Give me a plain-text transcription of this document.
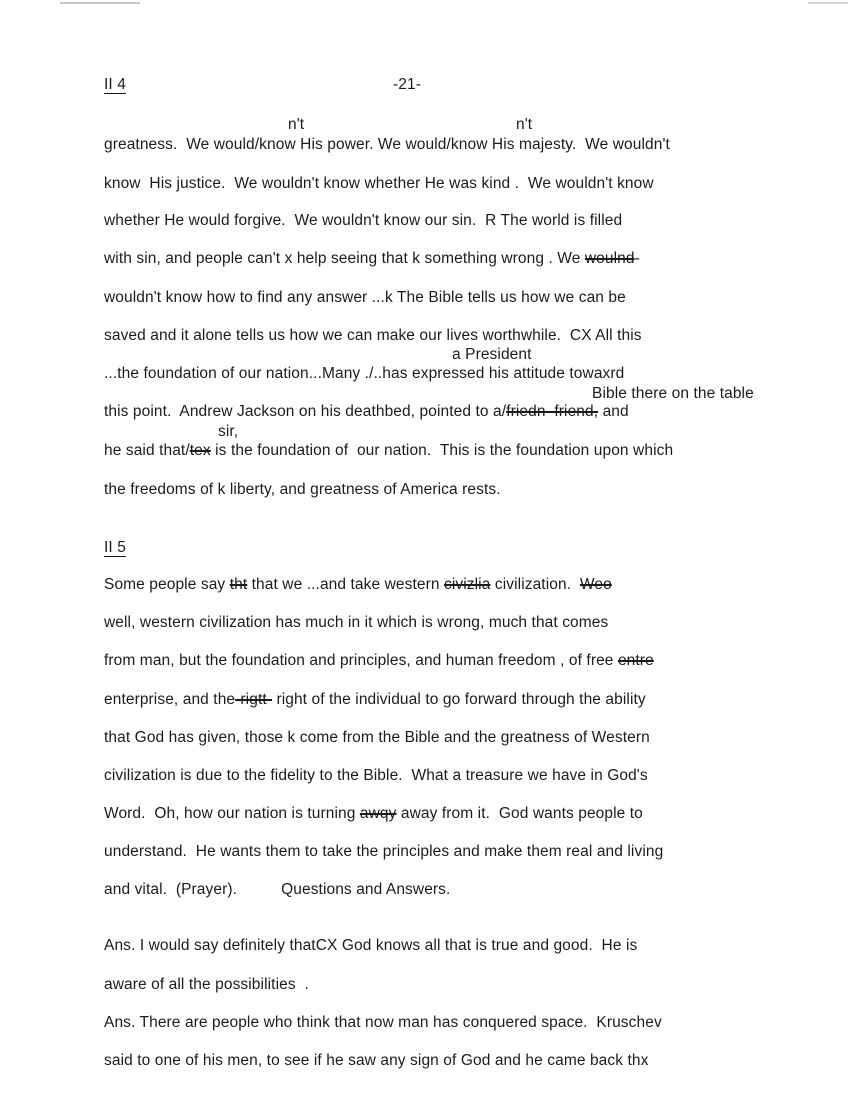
II 4	-21-
II 5
n't	n't
greatness.  We would/know His power. We would/know His majesty.  We wouldn't
know  His justice.  We wouldn't know whether He was kind .  We wouldn't know
whether He would forgive.  We wouldn't know our sin.  R The world is filled
with sin, and people can't x help seeing that k something wrong . We woulnd-
wouldn't know how to find any answer ...k The Bible tells us how we can be
saved and it alone tells us how we can make our lives worthwhile.  CX All this
a President
...the foundation of our nation...Many ./..has expressed his attitude towaxrd
Bible there on the table
this point.  Andrew Jackson on his deathbed, pointed to a/friedn  friend, and
sir,
he said that/tex is the foundation of  our nation.  This is the foundation upon which
the freedoms of k liberty, and greatness of America rests.
Some people say tht that we ...and take western civizlia civilization.  Weo
well, western civilization has much in it which is wrong, much that comes
from man, but the foundation and principles, and human freedom , of free entre
enterprise, and the-rigtt- right of the individual to go forward through the ability
that God has given, those k come from the Bible and the greatness of Western
civilization is due to the fidelity to the Bible.  What a treasure we have in God's
Word.  Oh, how our nation is turning awqy away from it.  God wants people to
understand.  He wants them to take the principles and make them real and living
and vital.  (Prayer).          Questions and Answers.
Ans. I would say definitely thatCX God knows all that is true and good.  He is
aware of all the possibilities  .
Ans. There are people who think that now man has conquered space.  Kruschev
said to one of his men, to see if he saw any sign of God and he came back thx
